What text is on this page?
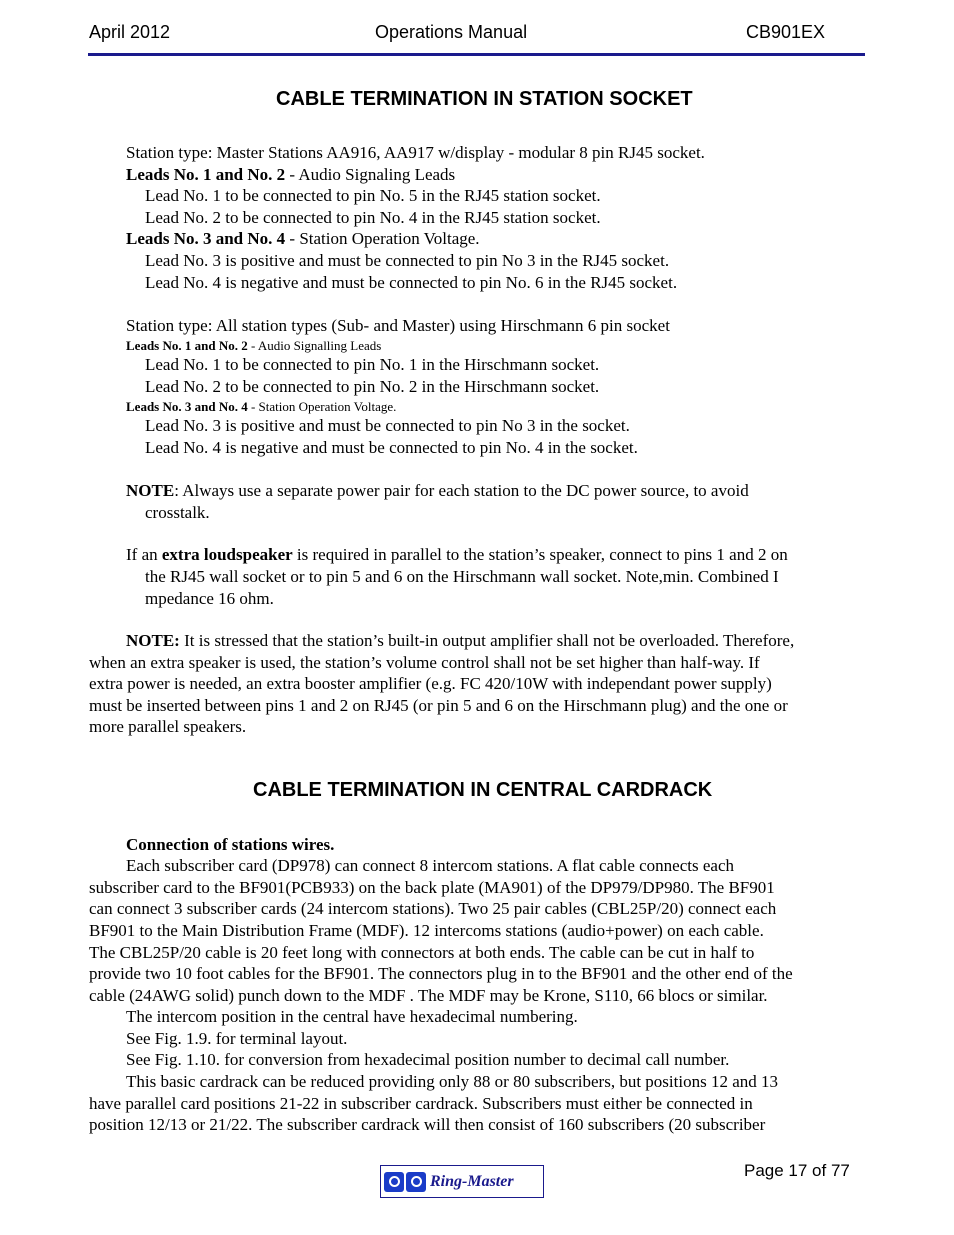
April 2012	Operations Manual	CB901EX
CABLE TERMINATION IN STATION SOCKET
Station type: Master Stations AA916, AA917 w/display - modular 8 pin RJ45 socket.
Leads No. 1 and No. 2 - Audio Signaling Leads
Lead No. 1 to be connected to pin No. 5 in the RJ45 station socket.
Lead No. 2 to be connected to pin No. 4 in the RJ45 station socket.
Leads No. 3 and No. 4 - Station Operation Voltage.
Lead No. 3 is positive and must be connected to pin No 3 in the RJ45 socket.
Lead No. 4 is negative and must be connected to pin No. 6 in the RJ45 socket.
Station type: All station types (Sub- and Master) using Hirschmann 6 pin socket
Leads No. 1 and No. 2 - Audio Signalling Leads
Lead No. 1 to be connected to pin No. 1 in the Hirschmann socket.
Lead No. 2 to be connected to pin No. 2 in the Hirschmann socket.
Leads No. 3 and No. 4 - Station Operation Voltage.
Lead No. 3 is positive and must be connected to pin No 3 in the socket.
Lead No. 4 is negative and must be connected to pin No. 4 in the socket.
NOTE: Always use a separate power pair for each station to the DC power source, to avoid
crosstalk.
If an extra loudspeaker is required in parallel to the station’s speaker, connect to pins 1 and 2 on
the RJ45 wall socket or to pin 5 and 6 on the Hirschmann wall socket. Note,min. Combined I
mpedance 16 ohm.
NOTE: It is stressed that the station’s built-in output amplifier shall not be overloaded. Therefore,
when an extra speaker is used, the station’s volume control shall not be set higher than half-way. If
extra power is needed, an extra booster amplifier (e.g. FC 420/10W with independant power supply)
must be inserted between pins 1 and 2 on RJ45 (or pin 5 and 6 on the Hirschmann plug) and the one or
more parallel speakers.
CABLE TERMINATION IN CENTRAL CARDRACK
Connection of stations wires.
Each subscriber card (DP978) can connect 8 intercom stations. A flat cable connects each
subscriber card to the BF901(PCB933) on the back plate (MA901) of the DP979/DP980. The BF901
can connect 3 subscriber cards (24 intercom stations). Two 25 pair cables (CBL25P/20) connect each
BF901 to the Main Distribution Frame (MDF). 12 intercoms stations (audio+power) on each cable.
The CBL25P/20 cable is 20 feet long with connectors at both ends. The cable can be cut in half to
provide two 10 foot cables for the BF901. The connectors plug in to the BF901 and the other end of the
cable (24AWG solid) punch down to the MDF . The MDF may be Krone, S110, 66 blocs or similar.
The intercom position in the central have hexadecimal numbering.
See Fig. 1.9. for terminal layout.
See Fig. 1.10. for conversion from hexadecimal position number to decimal call number.
This basic cardrack can be reduced providing only 88 or 80 subscribers, but positions 12 and 13
have parallel card positions 21-22 in subscriber cardrack. Subscribers must either be connected in
position 12/13 or 21/22. The subscriber cardrack will then consist of 160 subscribers (20 subscriber
Page 17 of 77
Ring-Master
